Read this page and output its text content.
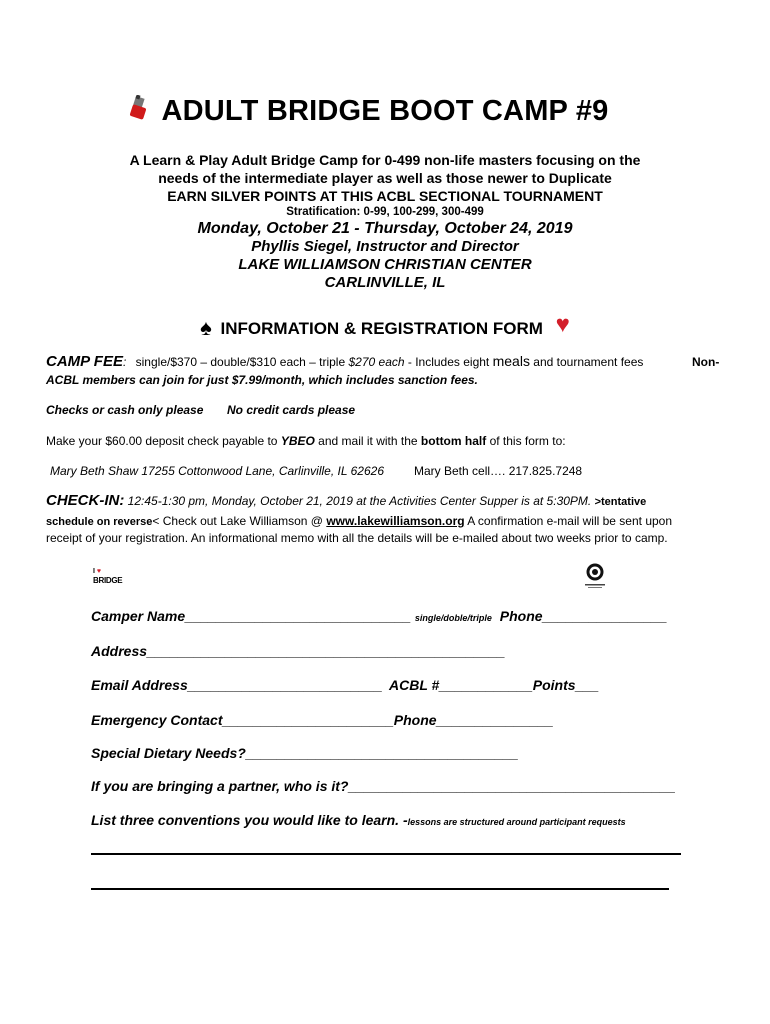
ADULT BRIDGE BOOT CAMP #9
A Learn & Play Adult Bridge Camp for 0-499 non-life masters focusing on the
needs of the intermediate player as well as those newer to Duplicate
EARN SILVER POINTS AT THIS ACBL SECTIONAL TOURNAMENT
Stratification: 0-99, 100-299, 300-499
Monday, October 21 - Thursday, October 24, 2019
Phyllis Siegel, Instructor and Director
LAKE WILLIAMSON CHRISTIAN CENTER
CARLINVILLE, IL
♠ INFORMATION & REGISTRATION FORM ♥
CAMP FEE: single/$370 – double/$310 each – triple $270 each - Includes eight meals and tournament fees	Non-
ACBL members can join for just $7.99/month, which includes sanction fees.
Checks or cash only please No credit cards please
Make your $60.00 deposit check payable to YBEO and mail it with the bottom half of this form to:
Mary Beth Shaw 17255 Cottonwood Lane, Carlinville, IL 62626	Mary Beth cell…. 217.825.7248
CHECK-IN: 12:45-1:30 pm, Monday, October 21, 2019 at the Activities Center Supper is at 5:30PM. >tentative
schedule on reverse< Check out Lake Williamson @ www.lakewilliamson.org A confirmation e-mail will be sent upon
receipt of your registration. An informational memo with all the details will be e-mailed about two weeks prior to camp.
I ♥
BRIDGE
Camper Name_____________________________ single/doble/triple Phone________________
Address______________________________________________
Email Address_________________________ ACBL #____________Points___
Emergency Contact______________________Phone_______________
Special Dietary Needs?___________________________________
If you are bringing a partner, who is it?__________________________________________
List three conventions you would like to learn. -lessons are structured around participant requests
